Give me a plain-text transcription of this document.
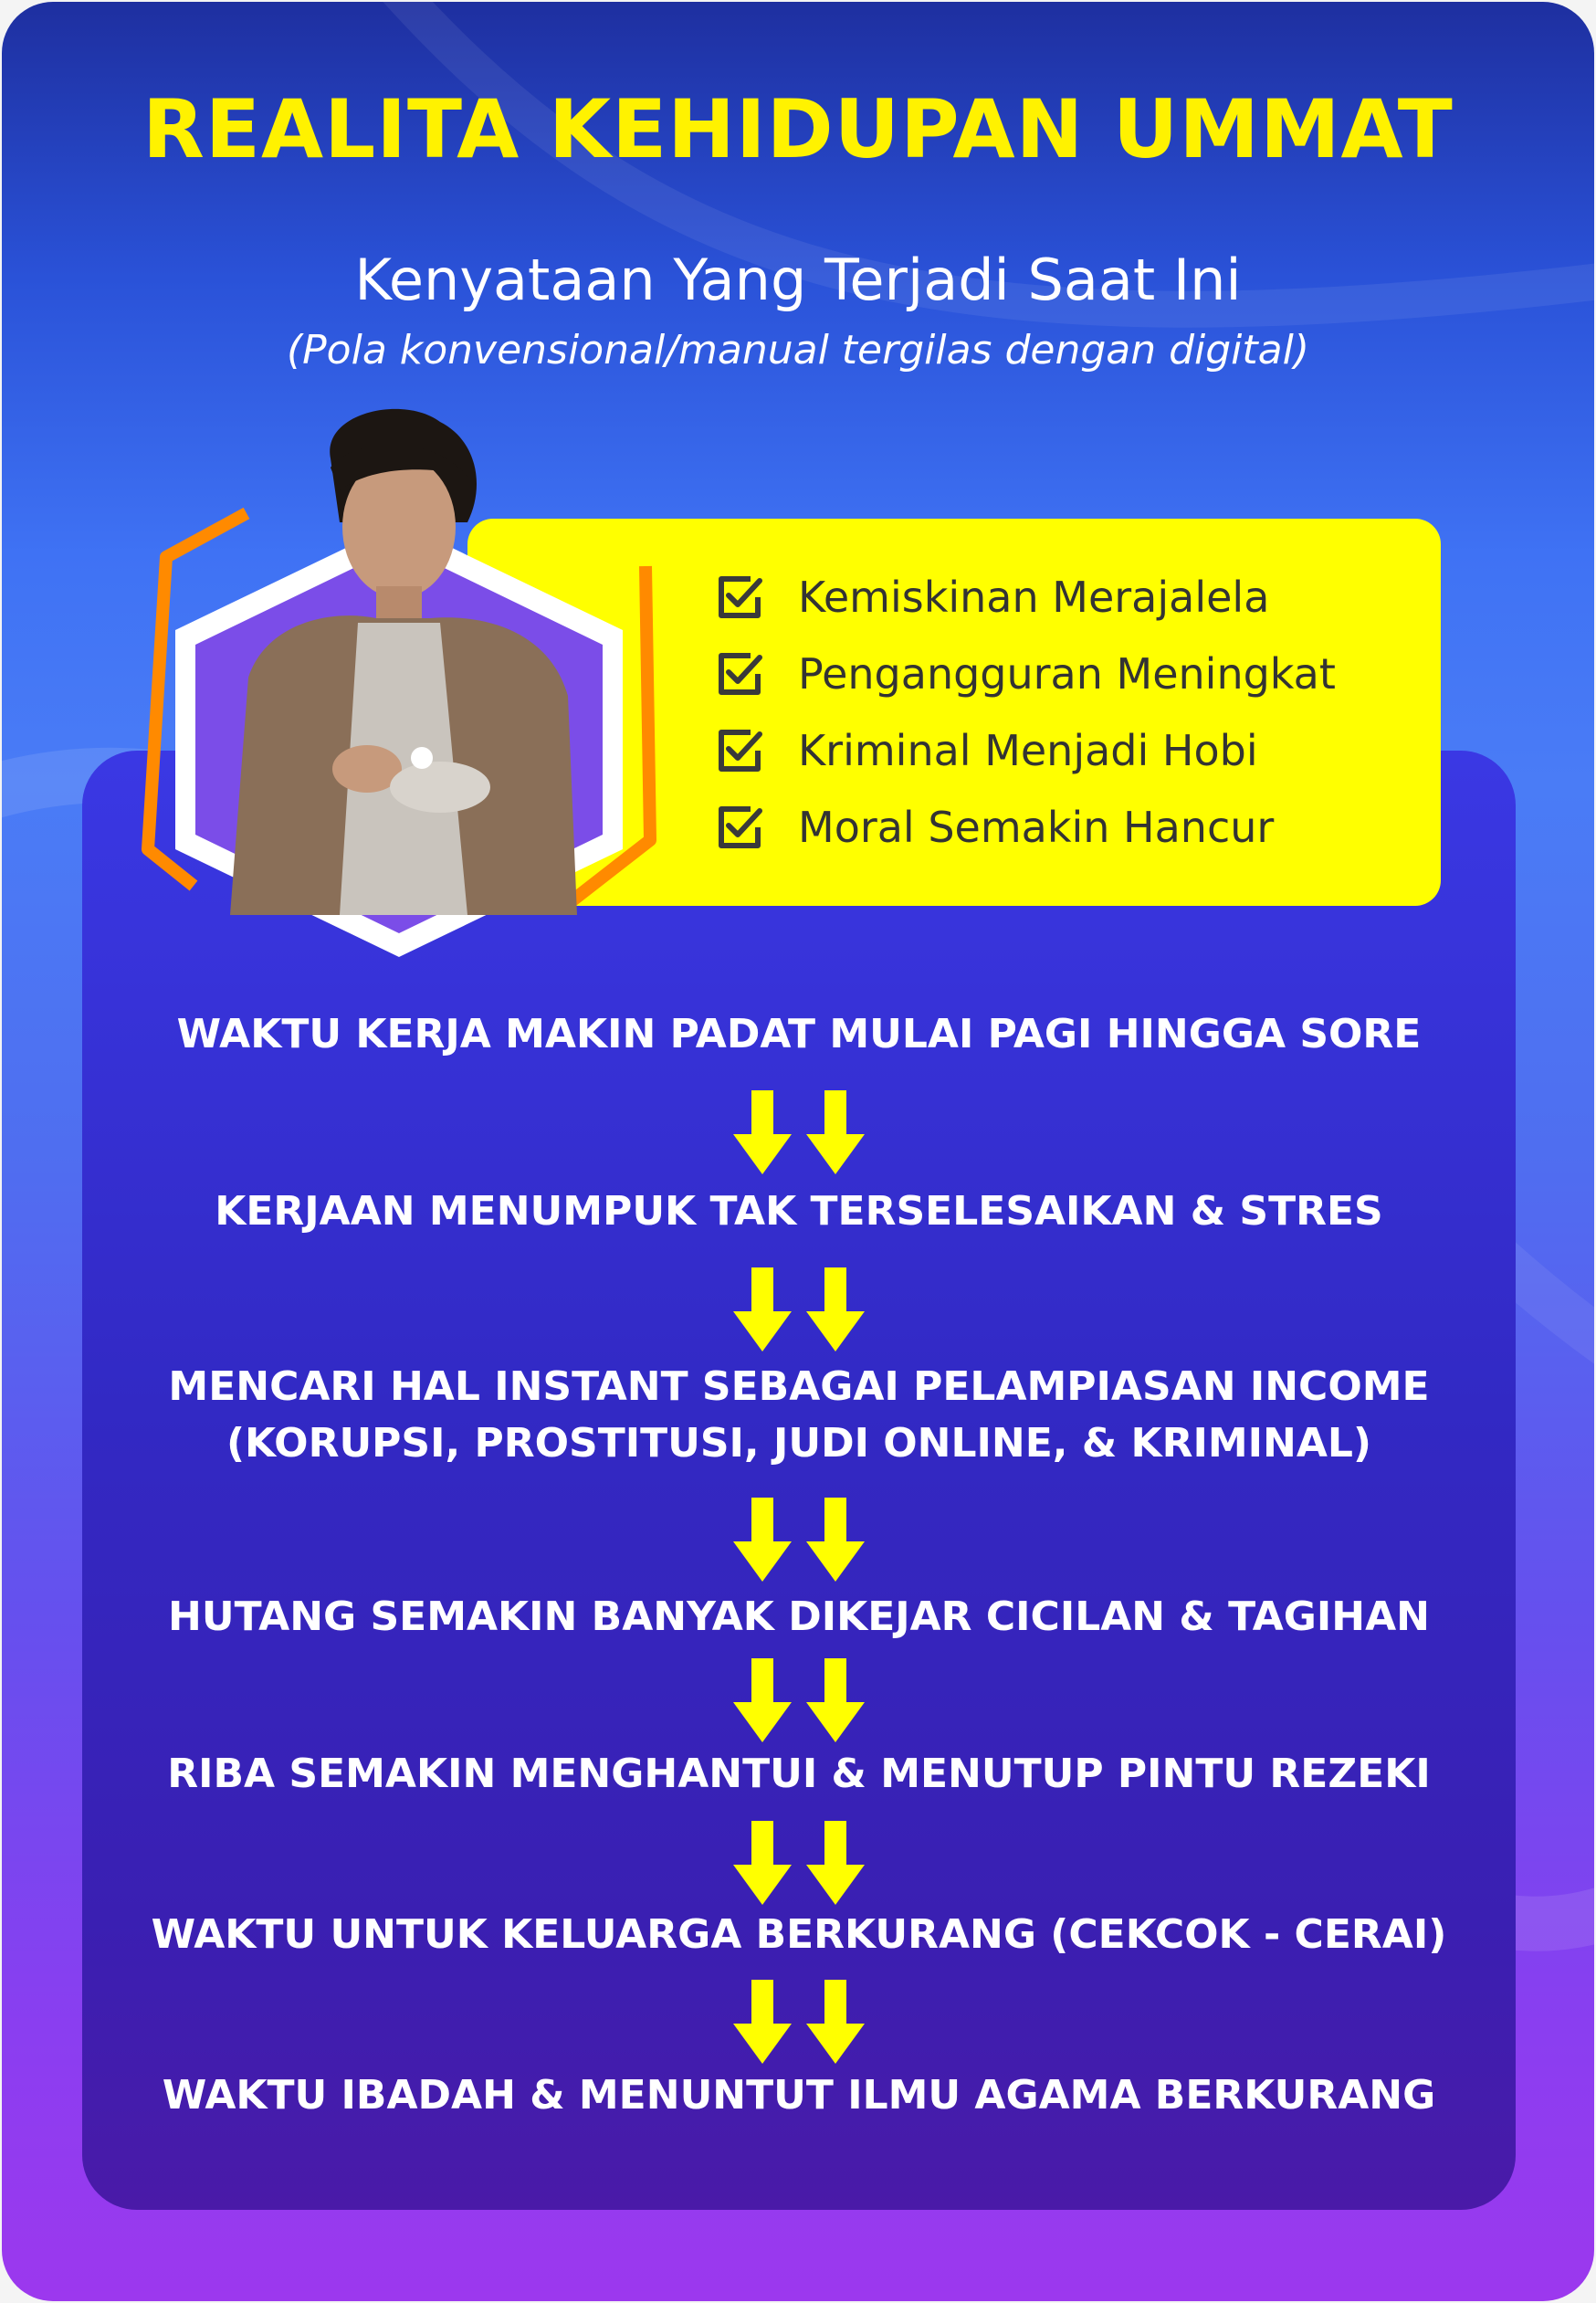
REALITA KEHIDUPAN UMMAT
Kenyataan Yang Terjadi Saat Ini
(Pola konvensional/manual tergilas dengan digital)
Kemiskinan Merajalela
Pengangguran Meningkat
Kriminal Menjadi Hobi
Moral Semakin Hancur
WAKTU KERJA MAKIN PADAT MULAI PAGI HINGGA SORE
KERJAAN MENUMPUK TAK TERSELESAIKAN & STRES
MENCARI HAL INSTANT SEBAGAI PELAMPIASAN INCOME
(KORUPSI, PROSTITUSI, JUDI ONLINE, & KRIMINAL)
HUTANG SEMAKIN BANYAK DIKEJAR CICILAN & TAGIHAN
RIBA SEMAKIN MENGHANTUI & MENUTUP PINTU REZEKI
WAKTU UNTUK KELUARGA BERKURANG (CEKCOK - CERAI)
WAKTU IBADAH & MENUNTUT ILMU AGAMA BERKURANG
